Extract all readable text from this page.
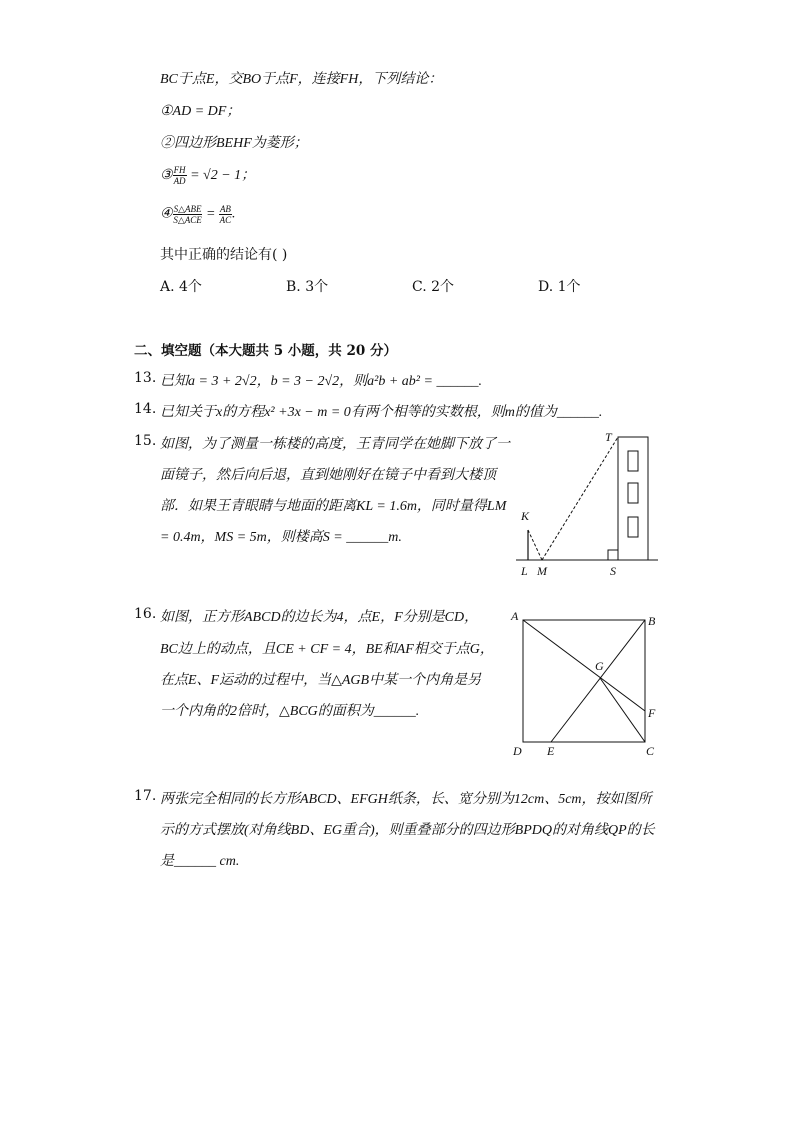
BC于点E，交BO于点F，连接FH，下列结论：
①AD = DF；
②四边形BEHF为菱形；
③ $\frac{FH}{AD} = √2 - 1$；
④ $\frac{\text{S△ABE}}{\text{S△ACE}} = \frac{AB}{AC}$ .
其中正确的结论有( )
A. 4个	B. 3个	C. 2个	D. 1个
二、填空题（本大题共 5 小题，共 20 分）
13. 已知a = 3 + 2√2，b = 3 − 2√2，则a²b + ab² = ______.
14. 已知关于x的方程x² +3x − m = 0有两个相等的实数根，则m的值为______.
15. 如图，为了测量一栋楼的高度，王青同学在她脚下放了一
面镜子，然后向后退，直到她刚好在镜子中看到大楼顶
部．如果王青眼睛与地面的距离KL = 1.6m，同时量得LM
= 0.4m，MS = 5m，则楼高S = ______m.
T
K
L M	S
16. 如图，正方形ABCD的边长为4，点E，F分别是CD，
BC边上的动点，且CE + CF = 4，BE和AF相交于点G，
在点E、F运动的过程中，当△AGB中某一个内角是另
一个内角的2倍时，△BCG的面积为______.
A	B
C
D E
F
G
17. 两张完全相同的长方形ABCD、EFGH纸条，长、宽分别为12cm、5cm，按如图所
示的方式摆放(对角线BD、EG重合)，则重叠部分的四边形BPDQ的对角线QP的长
是______ cm.
